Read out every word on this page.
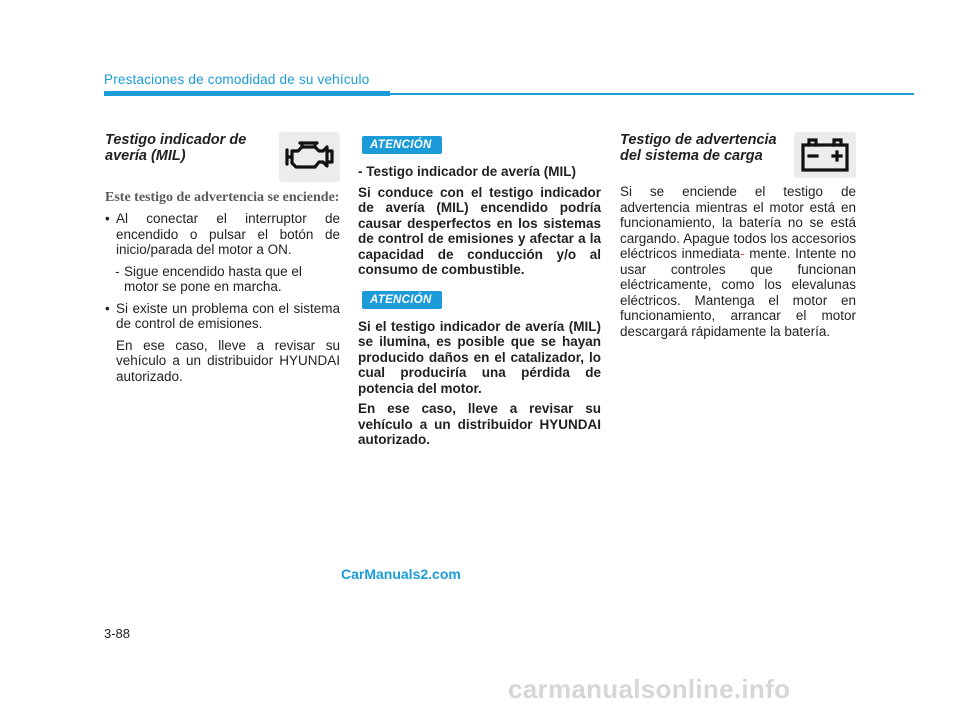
Prestaciones de comodidad de su vehículo
Testigo indicador de avería (MIL)
Este testigo de advertencia se enciende:
• Al conectar el interruptor de encendido o pulsar el botón de inicio/parada del motor a ON.
- Sigue encendido hasta que el motor se pone en marcha.
• Si existe un problema con el sistema de control de emisiones.

En ese caso, lleve a revisar su vehículo a un distribuidor HYUNDAI autorizado.

ATENCIÓN

- Testigo indicador de avería (MIL)

Si conduce con el testigo indicador de avería (MIL) encendido podría causar desperfectos en los sistemas de control de emisiones y afectar a la capacidad de conducción y/o al consumo de combustible.

ATENCIÓN

Si el testigo indicador de avería (MIL) se ilumina, es posible que se hayan producido daños en el catalizador, lo cual produciría una pérdida de potencia del motor.

En ese caso, lleve a revisar su vehículo a un distribuidor HYUNDAI autorizado.

Testigo de advertencia del sistema de carga

Si se enciende el testigo de advertencia mientras el motor está en funcionamiento, la batería no se está cargando. Apague todos los accesorios eléctricos inmediata- mente. Intente no usar controles que funcionan eléctricamente, como los elevalunas eléctricos. Mantenga el motor en funcionamiento, arrancar el motor descargará rápidamente la batería.

CarManuals2.com
3-88
carmanualsonline.info
